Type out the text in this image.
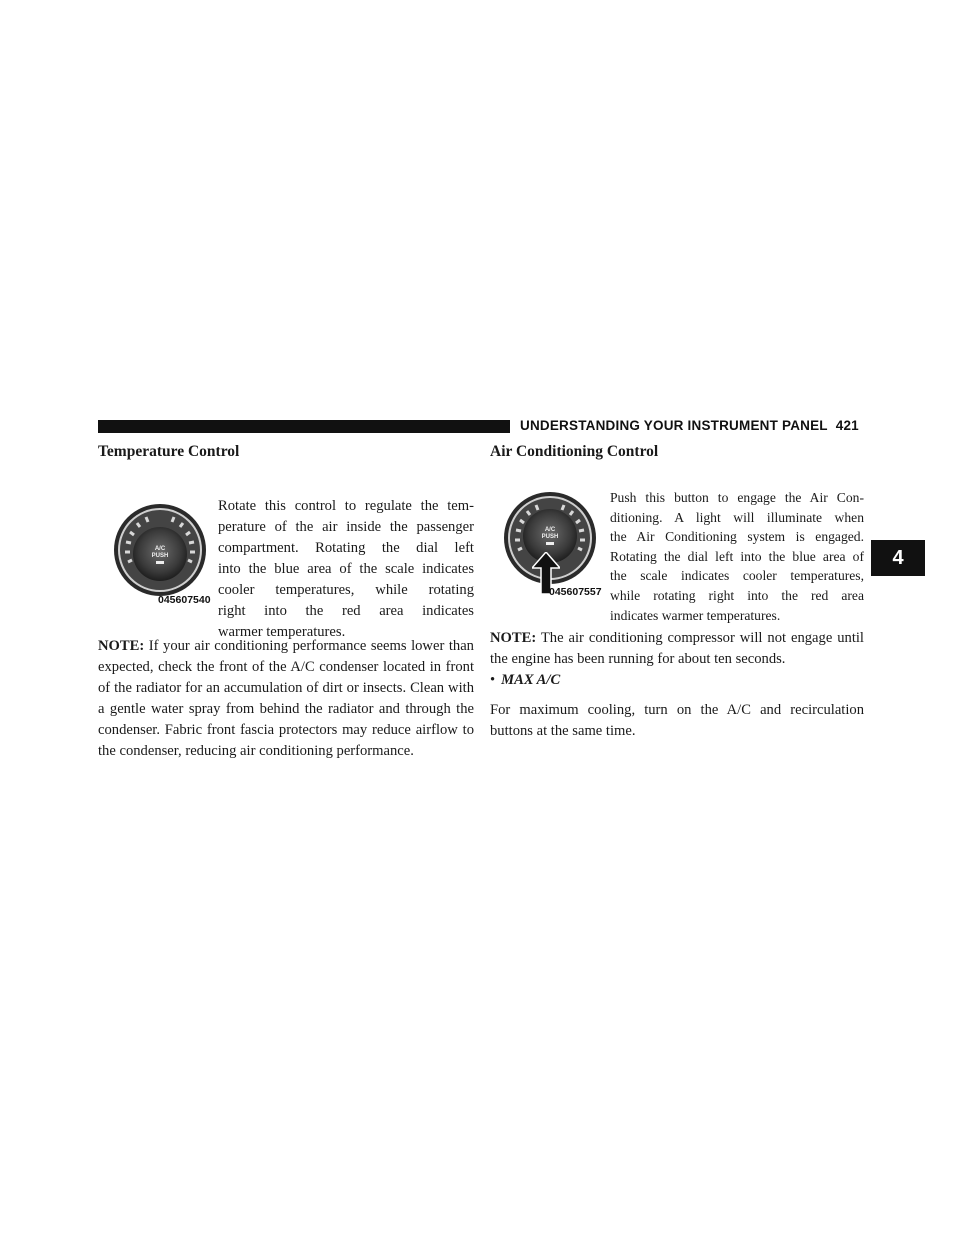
UNDERSTANDING YOUR INSTRUMENT PANEL 421
4
Temperature Control
A/C
PUSH
045607540
Rotate this control to regulate the tem-
perature of the air inside the passenger
compartment. Rotating the dial left
into the blue area of the scale indicates
cooler temperatures, while rotating
right into the red area indicates
warmer temperatures.

NOTE: If your air conditioning performance seems lower than expected, check the front of the A/C condenser located in front of the radiator for an accumulation of dirt or insects. Clean with a gentle water spray from behind the radiator and through the condenser. Fabric front fascia protectors may reduce airflow to the condenser, reducing air conditioning performance.

Air Conditioning Control
A/C
PUSH
045607557
Push this button to engage the Air Con-
ditioning. A light will illuminate when
the Air Conditioning system is engaged.
Rotating the dial left into the blue area of
the scale indicates cooler temperatures,
while rotating right into the red area
indicates warmer temperatures.

NOTE: The air conditioning compressor will not engage until the engine has been running for about ten seconds.

• MAX A/C

For maximum cooling, turn on the A/C and recirculation buttons at the same time.
